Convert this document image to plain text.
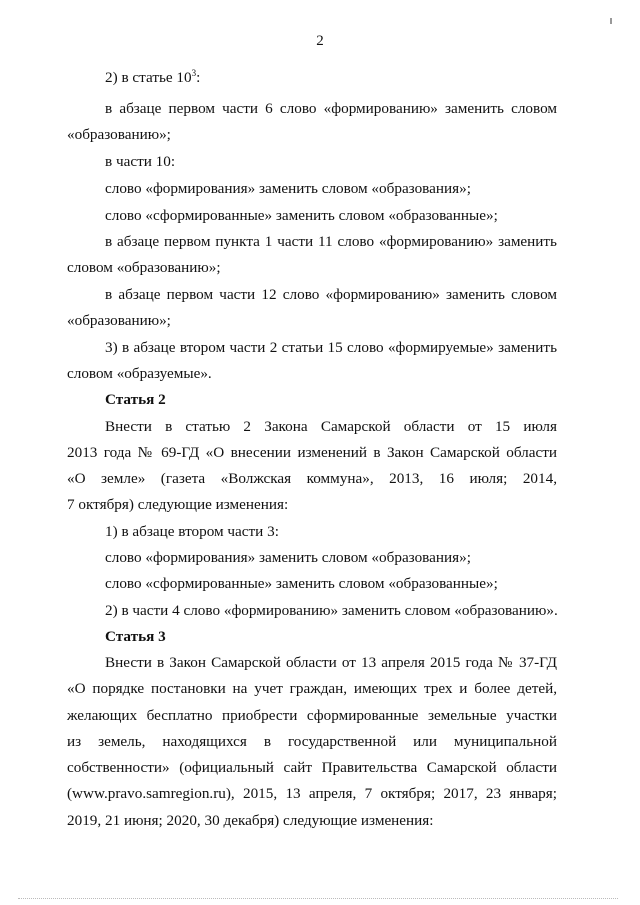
2
2) в статье $10^3$:
в абзаце первом части 6 слово «формированию» заменить словом
«образованию»;
в части 10:
слово «формирования» заменить словом «образования»;
слово «сформированные» заменить словом «образованные»;
в абзаце первом пункта 1 части 11 слово «формированию» заменить
словом «образованию»;
в абзаце первом части 12 слово «формированию» заменить словом
«образованию»;
3) в абзаце втором части 2 статьи 15 слово «формируемые» заменить
словом «образуемые».
Статья 2
Внести в статью 2 Закона Самарской области от 15 июля
2013 года № 69-ГД «О внесении изменений в Закон Самарской области
«О земле» (газета «Волжская коммуна», 2013, 16 июля; 2014,
7 октября) следующие изменения:
1) в абзаце втором части 3:
слово «формирования» заменить словом «образования»;
слово «сформированные» заменить словом «образованные»;
2) в части 4 слово «формированию» заменить словом «образованию».
Статья 3
Внести в Закон Самарской области от 13 апреля 2015 года № 37-ГД
«О порядке постановки на учет граждан, имеющих трех и более детей,
желающих бесплатно приобрести сформированные земельные участки
из земель, находящихся в государственной или муниципальной
собственности» (официальный сайт Правительства Самарской области
(www.pravo.samregion.ru), 2015, 13 апреля, 7 октября; 2017, 23 января;
2019, 21 июня; 2020, 30 декабря) следующие изменения:
